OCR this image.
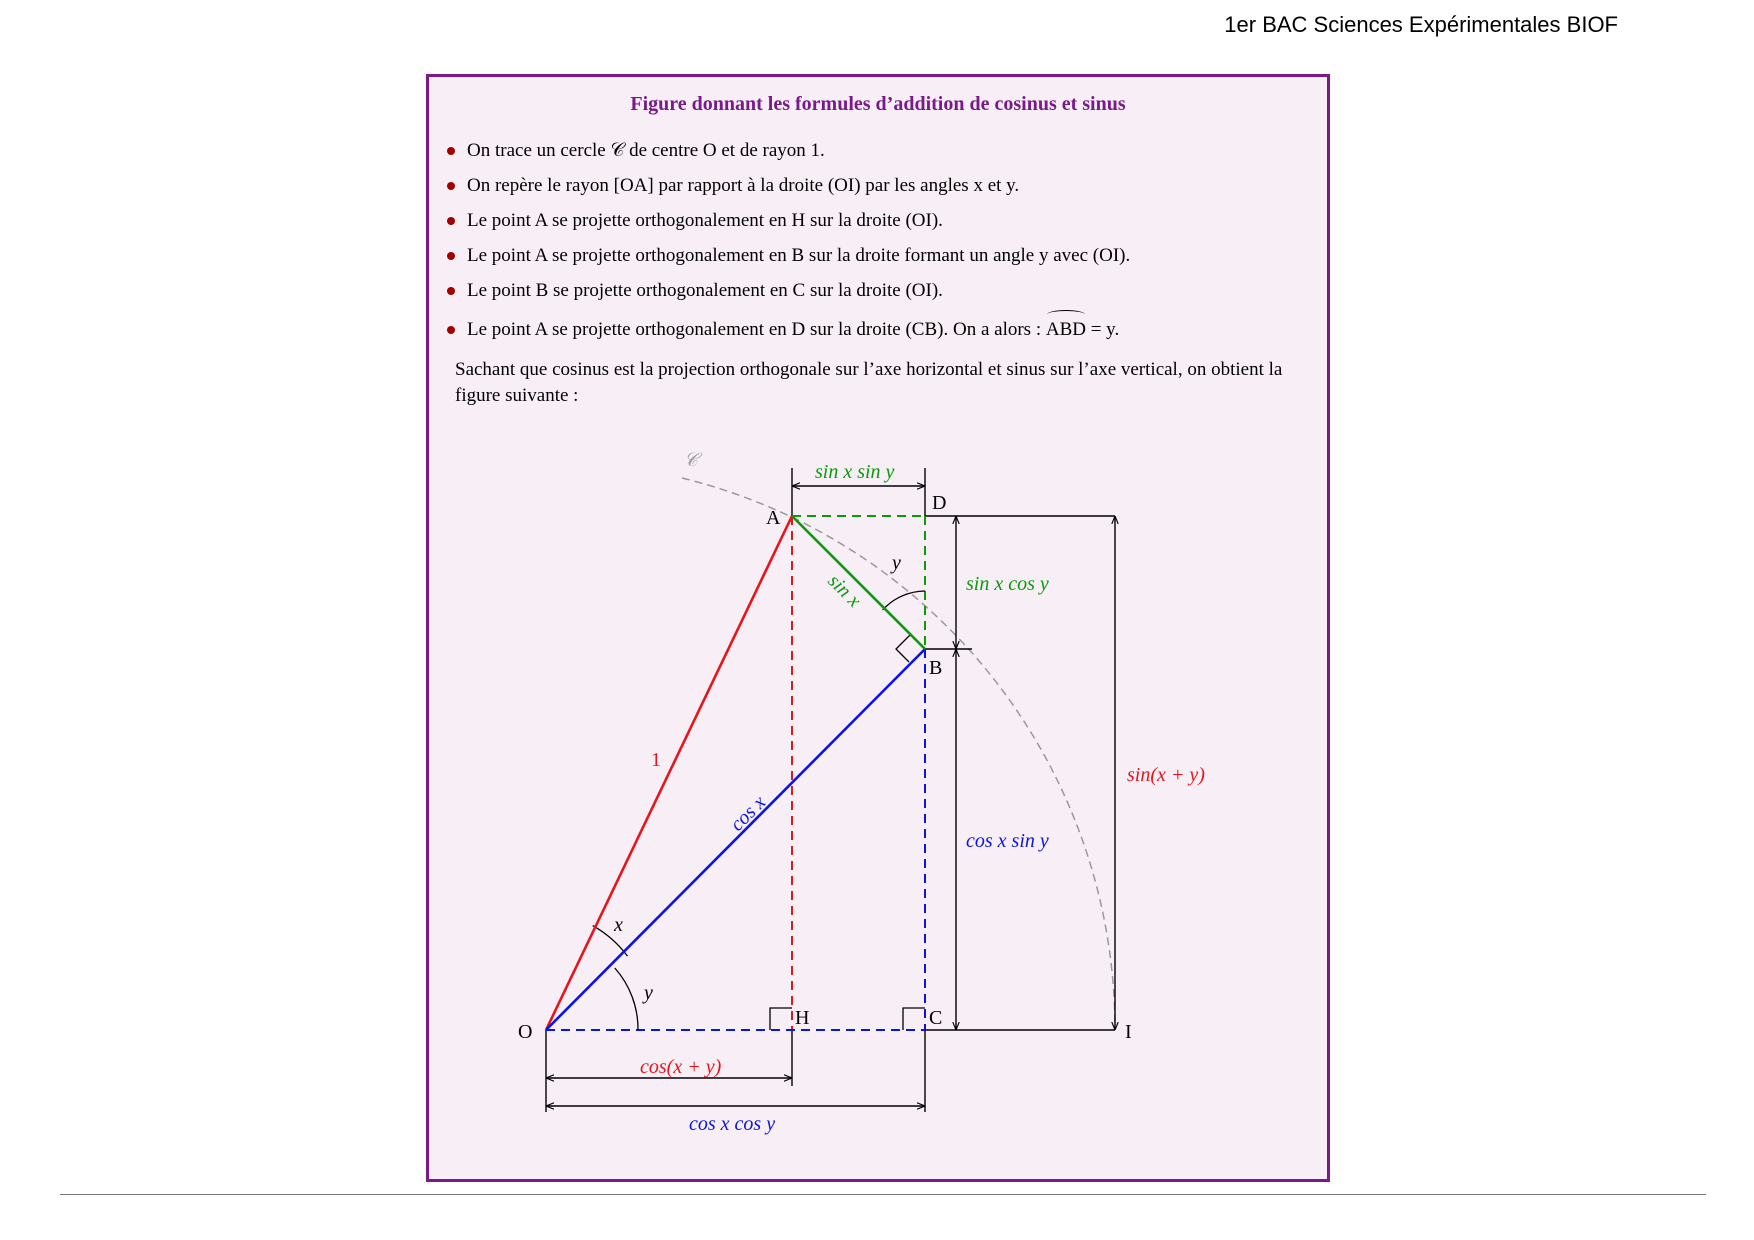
1er BAC Sciences Expérimentales BIOF
Figure donnant les formules d’addition de cosinus et sinus
On trace un cercle 𝒞 de centre O et de rayon 1.
On repère le rayon [OA] par rapport à la droite (OI) par les angles x et y.
Le point A se projette orthogonalement en H sur la droite (OI).
Le point A se projette orthogonalement en B sur la droite formant un angle y avec (OI).
Le point B se projette orthogonalement en C sur la droite (OI).
Le point A se projette orthogonalement en D sur la droite (CB). On a alors : ABD = y.
Sachant que cosinus est la projection orthogonale sur l’axe horizontal et sinus sur l’axe vertical, on obtient la figure suivante :
𝒞
A
D
B
O
H	C
I
1
cos x
sin x
x
y
y
sin x sin y
sin x cos y
cos x sin y
sin(x + y)
cos(x + y)
cos x cos y
